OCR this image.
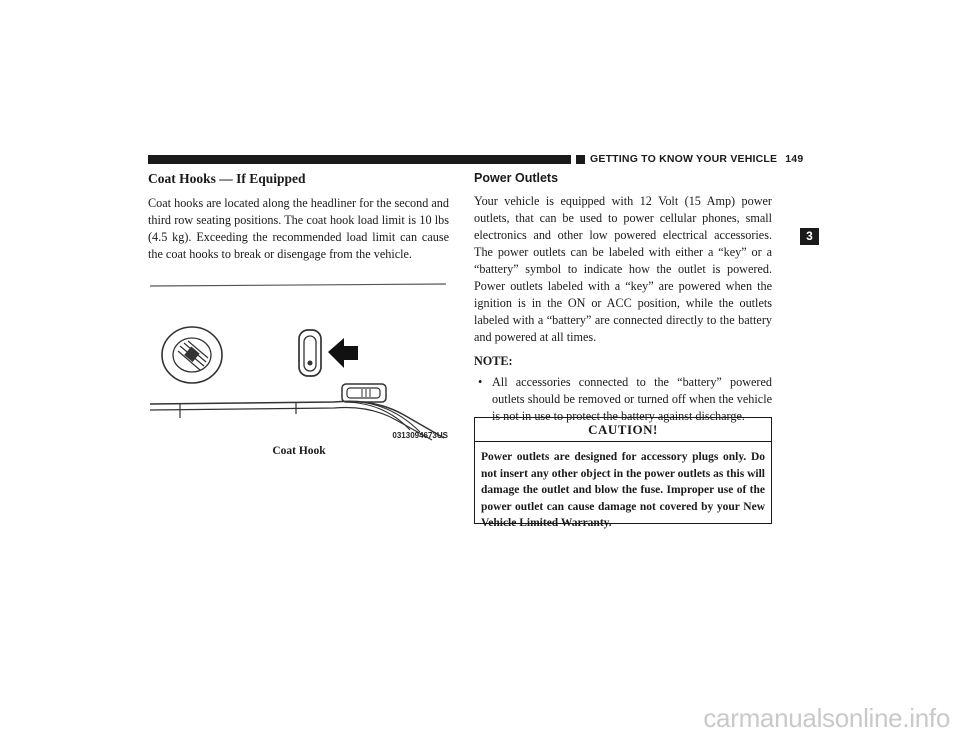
GETTING TO KNOW YOUR VEHICLE 149
3
Coat Hooks — If Equipped

Coat hooks are located along the headliner for the second and third row seating positions. The coat hook load limit is 10 lbs (4.5 kg). Exceeding the recommended load limit can cause the coat hooks to break or disengage from the vehicle.

0313094673US
Coat Hook
Power Outlets

Your vehicle is equipped with 12 Volt (15 Amp) power outlets, that can be used to power cellular phones, small electronics and other low powered electrical accessories. The power outlets can be labeled with either a “key” or a “battery” symbol to indicate how the outlet is powered. Power outlets labeled with a “key” are powered when the ignition is in the ON or ACC position, while the outlets labeled with a “battery” are connected directly to the battery and powered at all times.

NOTE:
• All accessories connected to the “battery” powered outlets should be removed or turned off when the vehicle is not in use to protect the battery against discharge.
CAUTION!
Power outlets are designed for accessory plugs only. Do not insert any other object in the power outlets as this will damage the outlet and blow the fuse. Improper use of the power outlet can cause damage not covered by your New Vehicle Limited Warranty.
carmanualsonline.info
